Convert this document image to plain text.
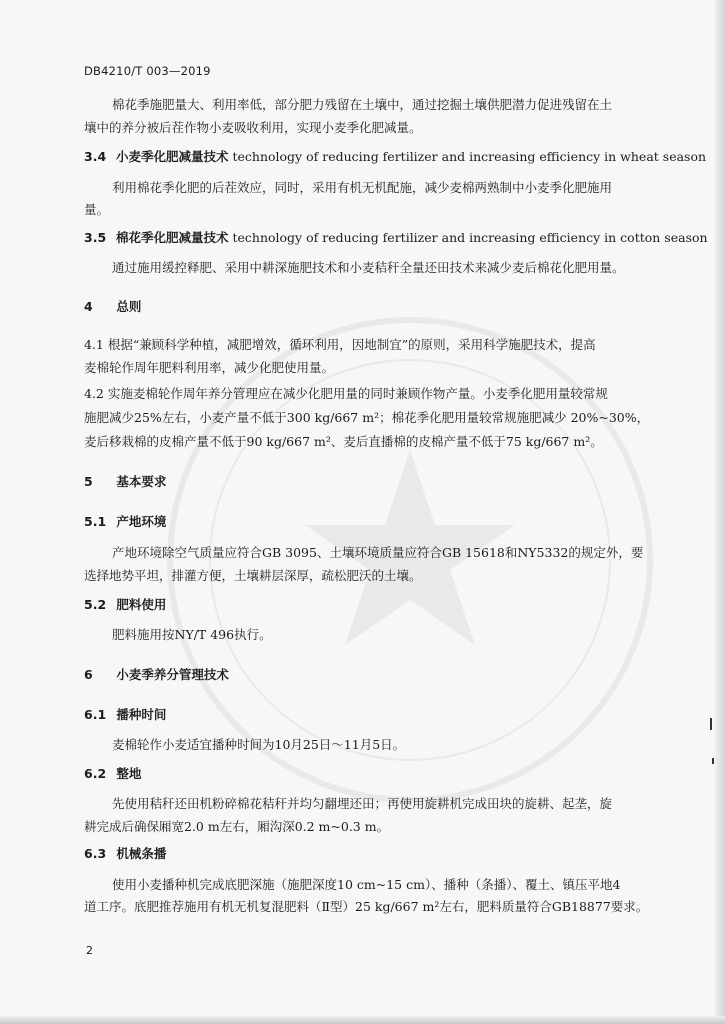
DB4210/T 003—2019
棉花季施肥量大、利用率低，部分肥力残留在土壤中，通过挖掘土壤供肥潜力促进残留在土
壤中的养分被后茬作物小麦吸收利用，实现小麦季化肥减量。
3.4 小麦季化肥减量技术 technology of reducing fertilizer and increasing efficiency in wheat season
利用棉花季化肥的后茬效应，同时，采用有机无机配施，减少麦棉两熟制中小麦季化肥施用
量。
3.5 棉花季化肥减量技术 technology of reducing fertilizer and increasing efficiency in cotton season
通过施用缓控释肥、采用中耕深施肥技术和小麦秸秆全量还田技术来减少麦后棉花化肥用量。
4 总则
4.1 根据“兼顾科学种植，减肥增效，循环利用，因地制宜”的原则，采用科学施肥技术，提高
麦棉轮作周年肥料利用率，减少化肥使用量。
4.2 实施麦棉轮作周年养分管理应在减少化肥用量的同时兼顾作物产量。小麦季化肥用量较常规
施肥减少25%左右，小麦产量不低于300 kg/667 m²；棉花季化肥用量较常规施肥减少 20%~30%，
麦后移栽棉的皮棉产量不低于90 kg/667 m²、麦后直播棉的皮棉产量不低于75 kg/667 m²。
5 基本要求
5.1 产地环境
产地环境除空气质量应符合GB 3095、土壤环境质量应符合GB 15618和NY5332的规定外，要
选择地势平坦，排灌方便，土壤耕层深厚，疏松肥沃的土壤。
5.2 肥料使用
肥料施用按NY/T 496执行。
6 小麦季养分管理技术
6.1 播种时间
麦棉轮作小麦适宜播种时间为10月25日～11月5日。
6.2 整地
先使用秸秆还田机粉碎棉花秸秆并均匀翻埋还田；再使用旋耕机完成田块的旋耕、起垄，旋
耕完成后确保厢宽2.0 m左右，厢沟深0.2 m~0.3 m。
6.3 机械条播
使用小麦播种机完成底肥深施（施肥深度10 cm~15 cm）、播种（条播）、覆土、镇压平地4
道工序。底肥推荐施用有机无机复混肥料（Ⅱ型）25 kg/667 m²左右，肥料质量符合GB18877要求。
2
